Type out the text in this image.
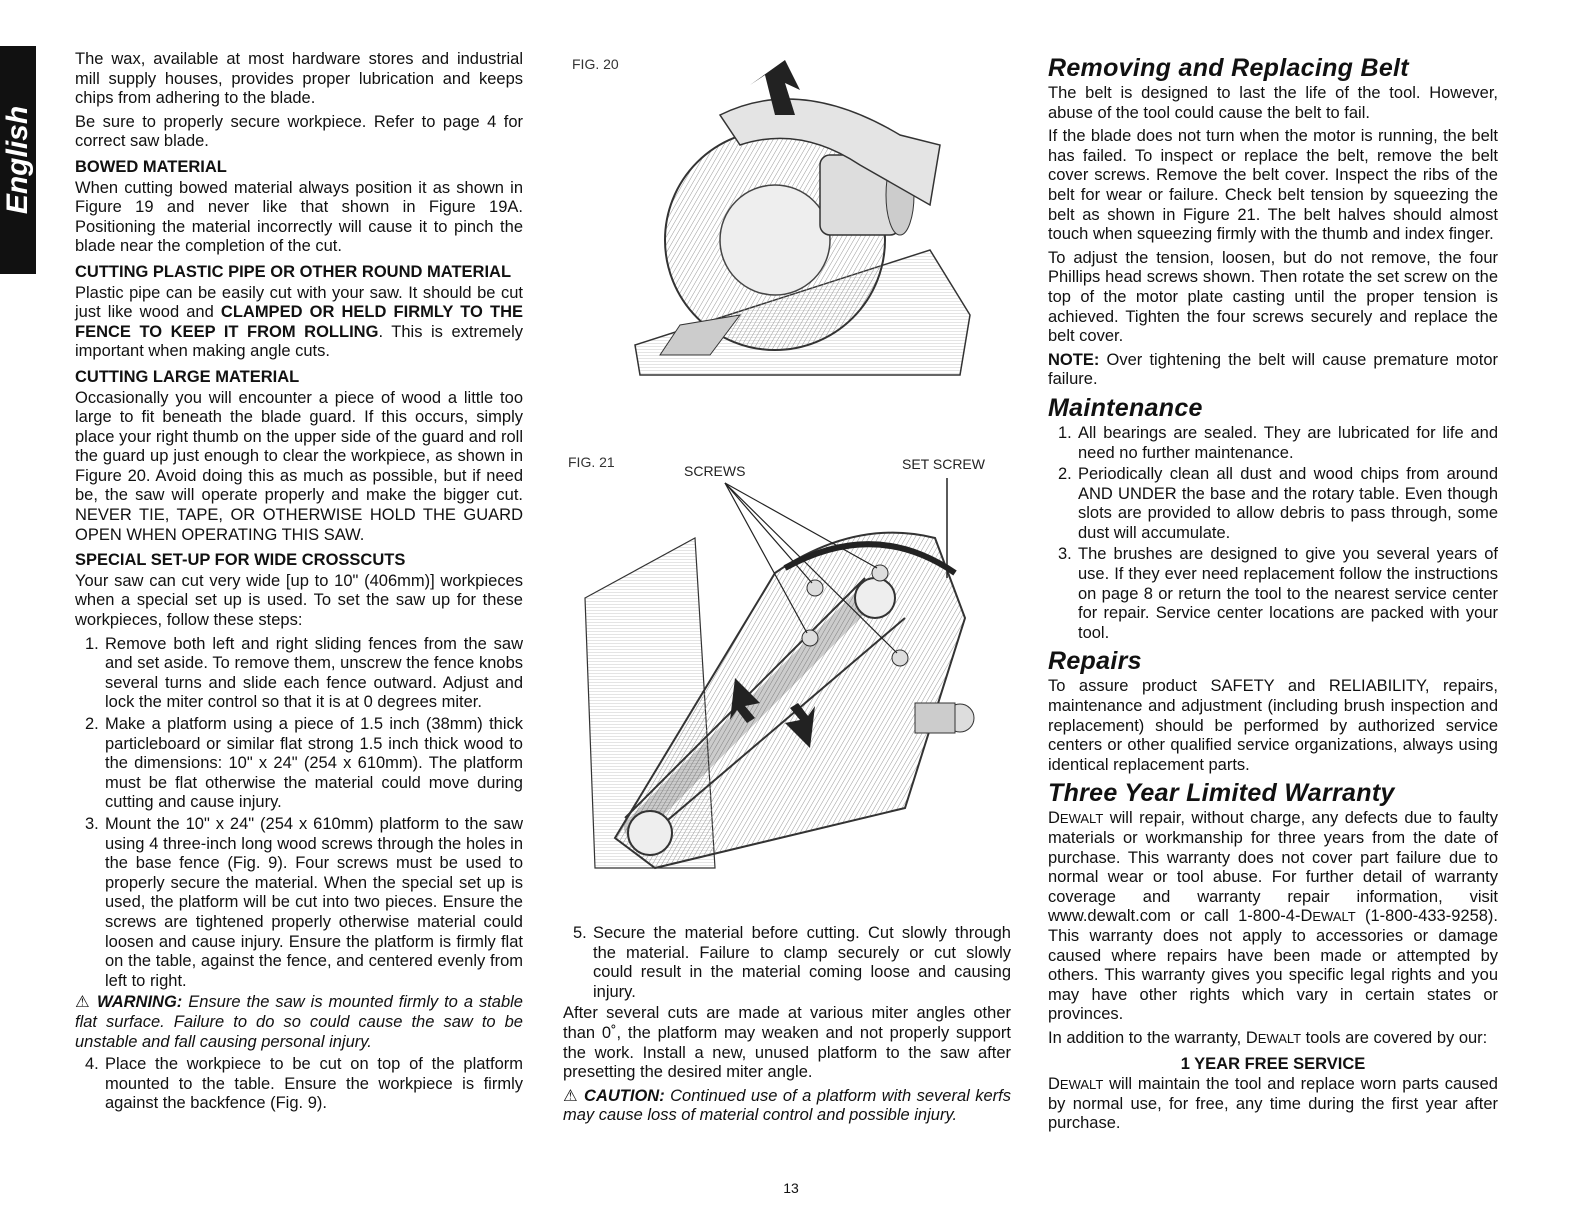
English

The wax, available at most hardware stores and industrial mill supply houses, provides proper lubrication and keeps chips from adhering to the blade.

Be sure to properly secure workpiece. Refer to page 4 for correct saw blade.

BOWED MATERIAL

When cutting bowed material always position it as shown in Figure 19 and never like that shown in Figure 19A. Positioning the material incorrectly will cause it to pinch the blade near the completion of the cut.

CUTTING PLASTIC PIPE OR OTHER ROUND MATERIAL

Plastic pipe can be easily cut with your saw. It should be cut just like wood and CLAMPED OR HELD FIRMLY TO THE FENCE TO KEEP IT FROM ROLLING. This is extremely important when making angle cuts.

CUTTING LARGE MATERIAL

Occasionally you will encounter a piece of wood a little too large to fit beneath the blade guard. If this occurs, simply place your right thumb on the upper side of the guard and roll the guard up just enough to clear the workpiece, as shown in Figure 20. Avoid doing this as much as possible, but if need be, the saw will operate properly and make the bigger cut. NEVER TIE, TAPE, OR OTHERWISE HOLD THE GUARD OPEN WHEN OPERATING THIS SAW.

SPECIAL SET-UP FOR WIDE CROSSCUTS

Your saw can cut very wide [up to 10" (406mm)] workpieces when a special set up is used. To set the saw up for these workpieces, follow these steps:

1. Remove both left and right sliding fences from the saw and set aside. To remove them, unscrew the fence knobs several turns and slide each fence outward. Adjust and lock the miter control so that it is at 0 degrees miter.
2. Make a platform using a piece of 1.5 inch (38mm) thick particleboard or similar flat strong 1.5 inch thick wood to the dimensions: 10" x 24" (254 x 610mm). The platform must be flat otherwise the material could move during cutting and cause injury.
3. Mount the 10" x 24" (254 x 610mm) platform to the saw using 4 three-inch long wood screws through the holes in the base fence (Fig. 9). Four screws must be used to properly secure the material. When the special set up is used, the platform will be cut into two pieces. Ensure the screws are tightened properly otherwise material could loosen and cause injury. Ensure the platform is firmly flat on the table, against the fence, and centered evenly from left to right.
⚠ WARNING: Ensure the saw is mounted firmly to a stable flat surface. Failure to do so could cause the saw to be unstable and fall causing personal injury.
4. Place the workpiece to be cut on top of the platform mounted to the table. Ensure the workpiece is firmly against the backfence (Fig. 9).
FIG. 20
FIG. 21
SCREWS	SET SCREW
5. Secure the material before cutting. Cut slowly through the material. Failure to clamp securely or cut slowly could result in the material coming loose and causing injury.

After several cuts are made at various miter angles other than 0˚, the platform may weaken and not properly support the work. Install a new, unused platform to the saw after presetting the desired miter angle.

⚠ CAUTION: Continued use of a platform with several kerfs may cause loss of material control and possible injury.
Removing and Replacing Belt

The belt is designed to last the life of the tool. However, abuse of the tool could cause the belt to fail.

If the blade does not turn when the motor is running, the belt has failed. To inspect or replace the belt, remove the belt cover screws. Remove the belt cover. Inspect the ribs of the belt for wear or failure. Check belt tension by squeezing the belt as shown in Figure 21. The belt halves should almost touch when squeezing firmly with the thumb and index finger.

To adjust the tension, loosen, but do not remove, the four Phillips head screws shown. Then rotate the set screw on the top of the motor plate casting until the proper tension is achieved. Tighten the four screws securely and replace the belt cover.

NOTE: Over tightening the belt will cause premature motor failure.

Maintenance
1. All bearings are sealed. They are lubricated for life and need no further maintenance.
2. Periodically clean all dust and wood chips from around AND UNDER the base and the rotary table. Even though slots are provided to allow debris to pass through, some dust will accumulate.
3. The brushes are designed to give you several years of use. If they ever need replacement follow the instructions on page 8 or return the tool to the nearest service center for repair. Service center locations are packed with your tool.
Repairs

To assure product SAFETY and RELIABILITY, repairs, maintenance and adjustment (including brush inspection and replacement) should be performed by authorized service centers or other qualified service organizations, always using identical replacement parts.

Three Year Limited Warranty

DEWALT will repair, without charge, any defects due to faulty materials or workmanship for three years from the date of purchase. This warranty does not cover part failure due to normal wear or tool abuse. For further detail of warranty coverage and warranty repair information, visit www.dewalt.com or call 1-800-4-DEWALT (1-800-433-9258). This warranty does not apply to accessories or damage caused where repairs have been made or attempted by others. This warranty gives you specific legal rights and you may have other rights which vary in certain states or provinces.

In addition to the warranty, DEWALT tools are covered by our:

1 YEAR FREE SERVICE

DEWALT will maintain the tool and replace worn parts caused by normal use, for free, any time during the first year after purchase.

13
